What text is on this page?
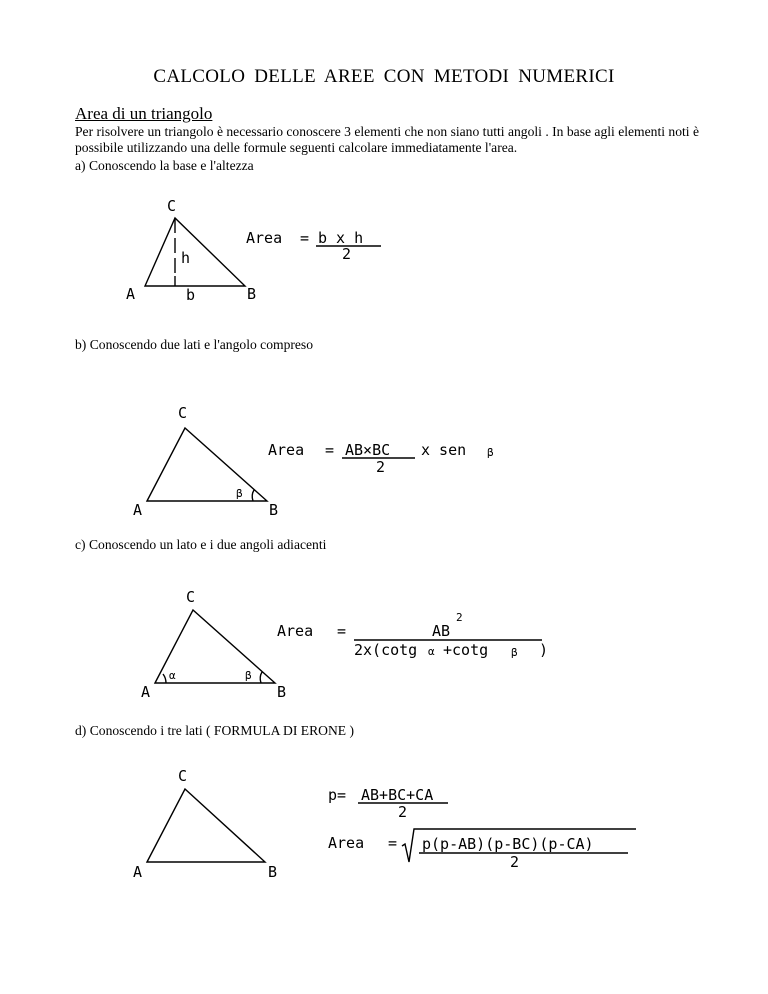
CALCOLO DELLE AREE CON METODI NUMERICI
Area di un triangolo
Per risolvere un triangolo è necessario conoscere 3 elementi che non siano tutti angoli . In base agli elementi noti è possibile utilizzando una delle formule seguenti calcolare immediatamente l'area.
a) Conoscendo la base e l'altezza
C
A	B
h
b
Area = b x h
2
C
A	B
β
Area = AB×BC
2
x sen β
C
A	B
α	β
Area =	AB
2
2x(cotg α +cotg β )
C
A	B
p= AB+BC+CA
2
Area = p(p-AB)(p-BC)(p-CA)
2
b) Conoscendo due lati e l'angolo compreso
c) Conoscendo un lato e i due angoli adiacenti
d) Conoscendo i tre lati ( FORMULA DI ERONE )
